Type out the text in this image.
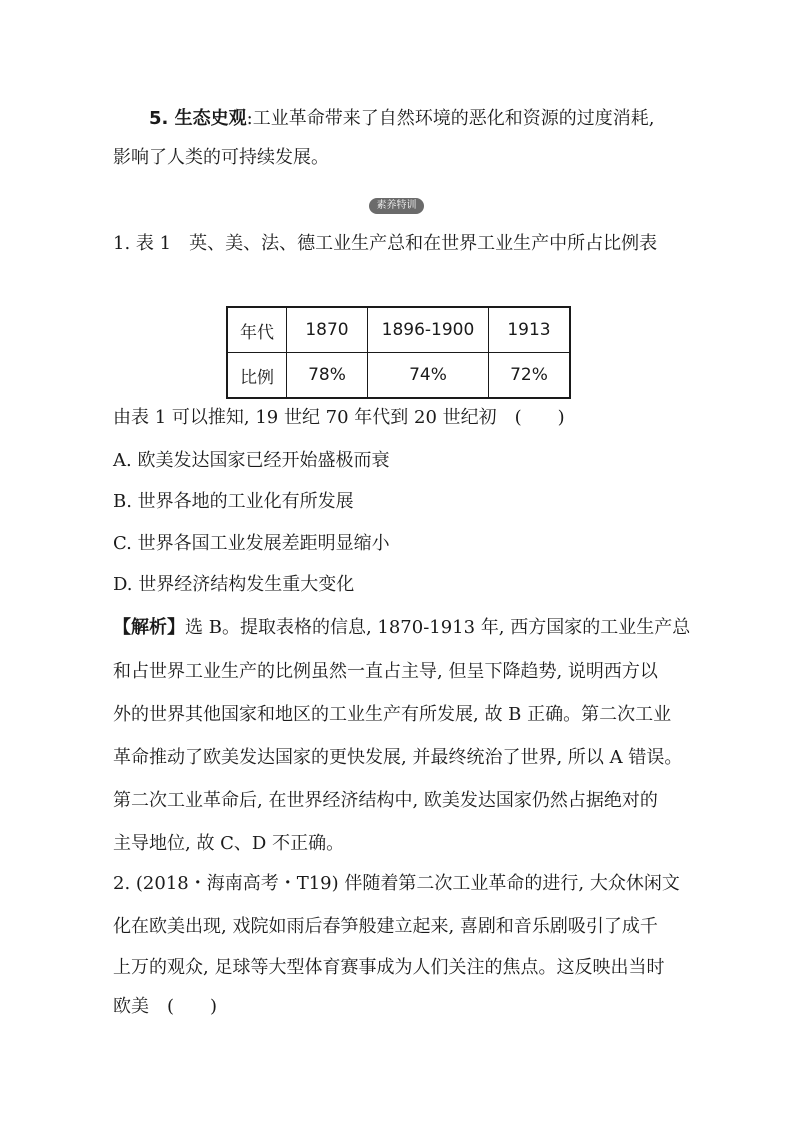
5. 生态史观:工业革命带来了自然环境的恶化和资源的过度消耗,
影响了人类的可持续发展。
素养特训
1. 表 1　英、美、法、德工业生产总和在世界工业生产中所占比例表
年代	1870	1896-1900	1913
比例	78%	74%	72%
由表 1 可以推知, 19 世纪 70 年代到 20 世纪初　(　　)
A. 欧美发达国家已经开始盛极而衰
B. 世界各地的工业化有所发展
C. 世界各国工业发展差距明显缩小
D. 世界经济结构发生重大变化
【解析】选 B。提取表格的信息, 1870-1913 年, 西方国家的工业生产总
和占世界工业生产的比例虽然一直占主导, 但呈下降趋势, 说明西方以
外的世界其他国家和地区的工业生产有所发展, 故 B 正确。第二次工业
革命推动了欧美发达国家的更快发展, 并最终统治了世界, 所以 A 错误。
第二次工业革命后, 在世界经济结构中, 欧美发达国家仍然占据绝对的
主导地位, 故 C、D 不正确。
2. (2018・海南高考・T19) 伴随着第二次工业革命的进行, 大众休闲文
化在欧美出现, 戏院如雨后春笋般建立起来, 喜剧和音乐剧吸引了成千
上万的观众, 足球等大型体育赛事成为人们关注的焦点。这反映出当时
欧美　(　　)
